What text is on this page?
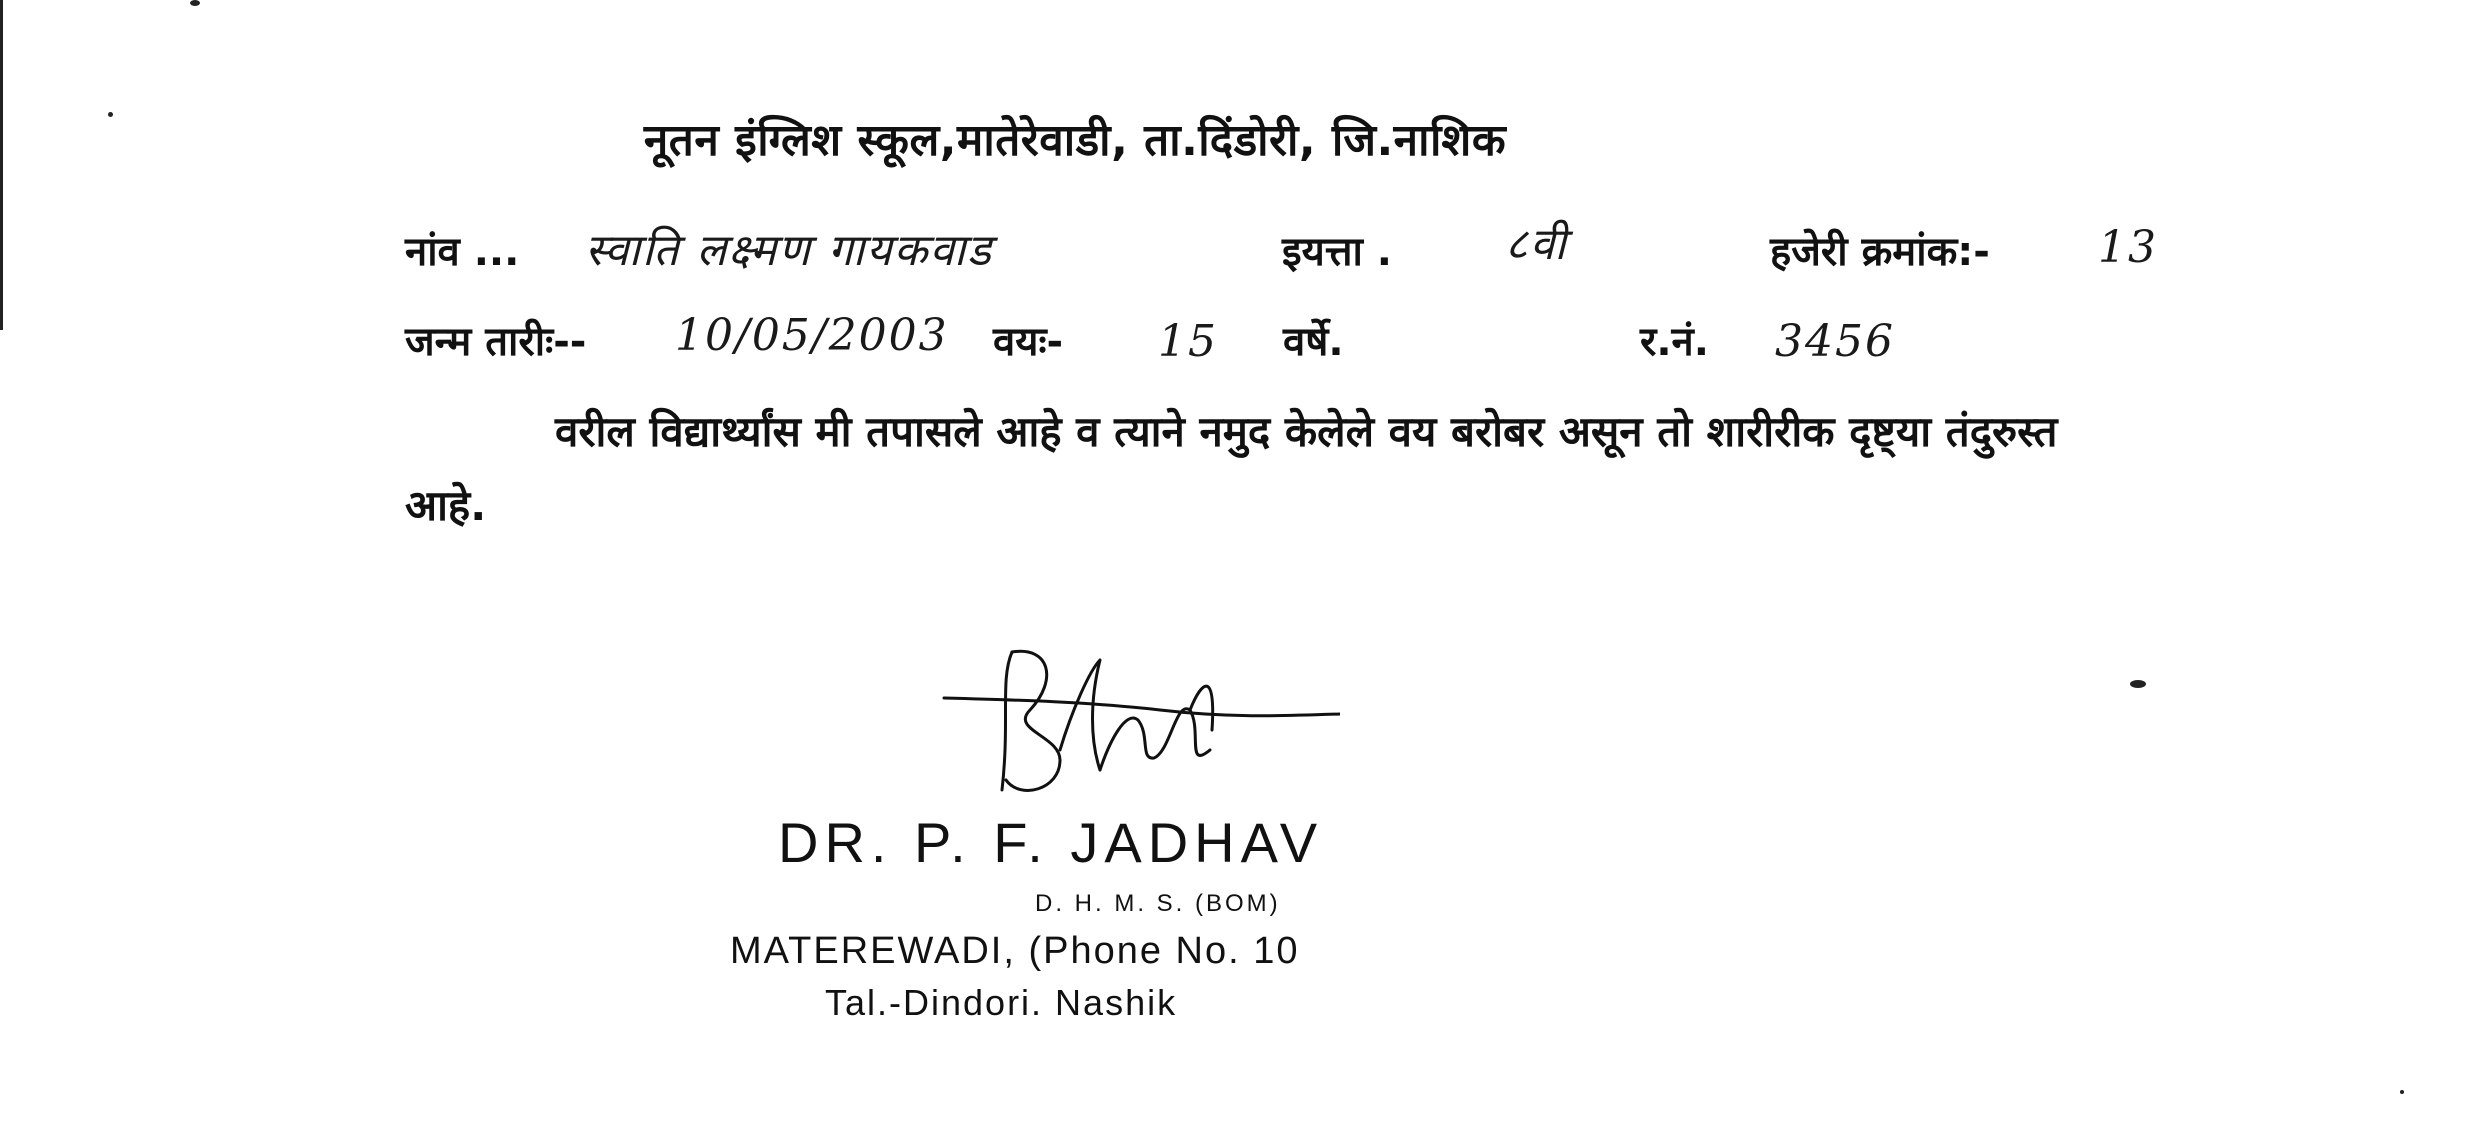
नूतन इंग्लिश स्कूल,मातेरेवाडी, ता.दिंडोरी, जि.नाशिक
नांव ... स्वाति लक्ष्मण गायकवाड	इयत्ता .	८वी	हजेरी क्रमांक:- 13
जन्म तारीः-- 10/05/2003 वयः- 15 वर्षे.	र.नं. 3456
वरील विद्यार्थ्यांस मी तपासले आहे व त्याने नमुद केलेले वय बरोबर असून तो शारीरीक दृष्ट्या तंदुरुस्त आहे.
DR. P. F. JADHAV
D. H. M. S. (BOM)
MATEREWADI, (Phone No. 10
Tal.-Dindori. Nashik
